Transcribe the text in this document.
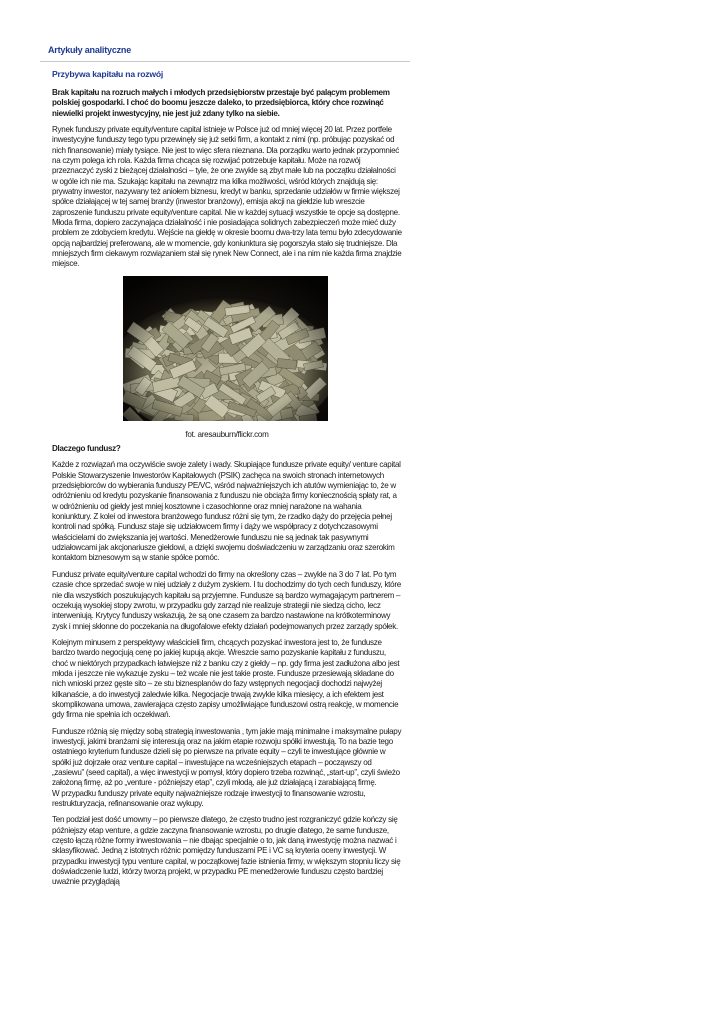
Artykuły analityczne
Przybywa kapitału na rozwój

Brak kapitału na rozruch małych i młodych przedsiębiorstw przestaje być palącym problemem polskiej gospodarki. I choć do boomu jeszcze daleko, to przedsiębiorca, który chce rozwinąć niewielki projekt inwestycyjny, nie jest już zdany tylko na siebie.

Rynek funduszy private equity/venture capital istnieje w Polsce już od mniej więcej 20 lat. Przez portfele inwestycyjne funduszy tego typu przewinęły się już setki firm, a kontakt z nimi (np. próbując pozyskać od nich finansowanie) miały tysiące. Nie jest to więc sfera nieznana. Dla porządku warto jednak przypomnieć na czym polega ich rola. Każda firma chcąca się rozwijać potrzebuje kapitału. Może na rozwój przeznaczyć zyski z bieżącej działalności – tyle, że one zwykle są zbyt małe lub na początku działalności w ogóle ich nie ma. Szukając kapitału na zewnątrz ma kilka możliwości, wśród których znajdują się: prywatny inwestor, nazywany też aniołem biznesu, kredyt w banku, sprzedanie udziałów w firmie większej spółce działającej w tej samej branży (inwestor branżowy), emisja akcji na giełdzie lub wreszcie zaproszenie funduszu private equity/venture capital. Nie w każdej sytuacji wszystkie te opcje są dostępne. Młoda firma, dopiero zaczynająca działalność i nie posiadająca solidnych zabezpieczeń może mieć duży problem ze zdobyciem kredytu. Wejście na giełdę w okresie boomu dwa-trzy lata temu było zdecydowanie opcją najbardziej preferowaną, ale w momencie, gdy koniunktura się pogorszyła stało się trudniejsze. Dla mniejszych firm ciekawym rozwiązaniem stał się rynek New Connect, ale i na nim nie każda firma znajdzie miejsce.

fot. aresauburn/flickr.com

Dlaczego fundusz?

Każde z rozwiązań ma oczywiście swoje zalety i wady. Skupiające fundusze private equity/ venture capital Polskie Stowarzyszenie Inwestorów Kapitałowych (PSIK) zachęca na swoich stronach internetowych przedsiębiorców do wybierania funduszy PE/VC, wśród najważniejszych ich atutów wymieniając to, że w odróżnieniu od kredytu pozyskanie finansowania z funduszu nie obciąża firmy koniecznością spłaty rat, a w odróżnieniu od giełdy jest mniej kosztowne i czasochłonne oraz mniej narażone na wahania koniunktury. Z kolei od inwestora branżowego fundusz różni się tym, że rzadko dąży do przejęcia pełnej kontroli nad spółką. Fundusz staje się udziałowcem firmy i dąży we współpracy z dotychczasowymi właścicielami do zwiększania jej wartości. Menedżerowie funduszu nie są jednak tak pasywnymi udziałowcami jak akcjonariusze giełdowi, a dzięki swojemu doświadczeniu w zarządzaniu oraz szerokim kontaktom biznesowym są w stanie spółce pomóc.

Fundusz private equity/venture capital wchodzi do firmy na określony czas – zwykle na 3 do 7 lat. Po tym czasie chce sprzedać swoje w niej udziały z dużym zyskiem. I tu dochodzimy do tych cech funduszy, które nie dla wszystkich poszukujących kapitału są przyjemne. Fundusze są bardzo wymagającym partnerem – oczekują wysokiej stopy zwrotu, w przypadku gdy zarząd nie realizuje strategii nie siedzą cicho, lecz interweniują. Krytycy funduszy wskazują, że są one czasem za bardzo nastawione na krótkoterminowy zysk i mniej skłonne do poczekania na długofalowe efekty działań podejmowanych przez zarządy spółek.

Kolejnym minusem z perspektywy właścicieli firm, chcących pozyskać inwestora jest to, że fundusze bardzo twardo negocjują cenę po jakiej kupują akcje. Wreszcie samo pozyskanie kapitału z funduszu, choć w niektórych przypadkach łatwiejsze niż z banku czy z giełdy – np. gdy firma jest zadłużona albo jest młoda i jeszcze nie wykazuje zysku – też wcale nie jest takie proste. Fundusze przesiewają składane do nich wnioski przez gęste sito – ze stu biznesplanów do fazy wstępnych negocjacji dochodzi najwyżej kilkanaście, a do inwestycji zaledwie kilka. Negocjacje trwają zwykle kilka miesięcy, a ich efektem jest skomplikowana umowa, zawierająca często zapisy umożliwiające funduszowi ostrą reakcję, w momencie gdy firma nie spełnia ich oczekiwań.

Fundusze różnią się między sobą strategią inwestowania , tym jakie mają minimalne i maksymalne pułapy inwestycji, jakimi branżami się interesują oraz na jakim etapie rozwoju spółki inwestują. To na bazie tego ostatniego kryterium fundusze dzieli się po pierwsze na private equity – czyli te inwestujące głównie w spółki już dojrzałe oraz venture capital – inwestujące na wcześniejszych etapach – począwszy od „zasiewu” (seed capital), a więc inwestycji w pomysł, który dopiero trzeba rozwinąć, „start-up”, czyli świeżo założoną firmę, aż po „venture - późniejszy etap”, czyli młodą, ale już działającą i zarabiającą firmę.

W przypadku funduszy private equity najważniejsze rodzaje inwestycji to finansowanie wzrostu, restrukturyzacja, refinansowanie oraz wykupy.

Ten podział jest dość umowny – po pierwsze dlatego, że często trudno jest rozgraniczyć gdzie kończy się późniejszy etap venture, a gdzie zaczyna finansowanie wzrostu, po drugie dlatego, że same fundusze, często łączą różne formy inwestowania – nie dbając specjalnie o to, jak daną inwestycję można nazwać i sklasyfikować. Jedną z istotnych różnic pomiędzy funduszami PE i VC są kryteria oceny inwestycji. W przypadku inwestycji typu venture capital, w początkowej fazie istnienia firmy, w większym stopniu liczy się doświadczenie ludzi, którzy tworzą projekt, w przypadku PE menedżerowie funduszu często bardziej uważnie przyglądają
